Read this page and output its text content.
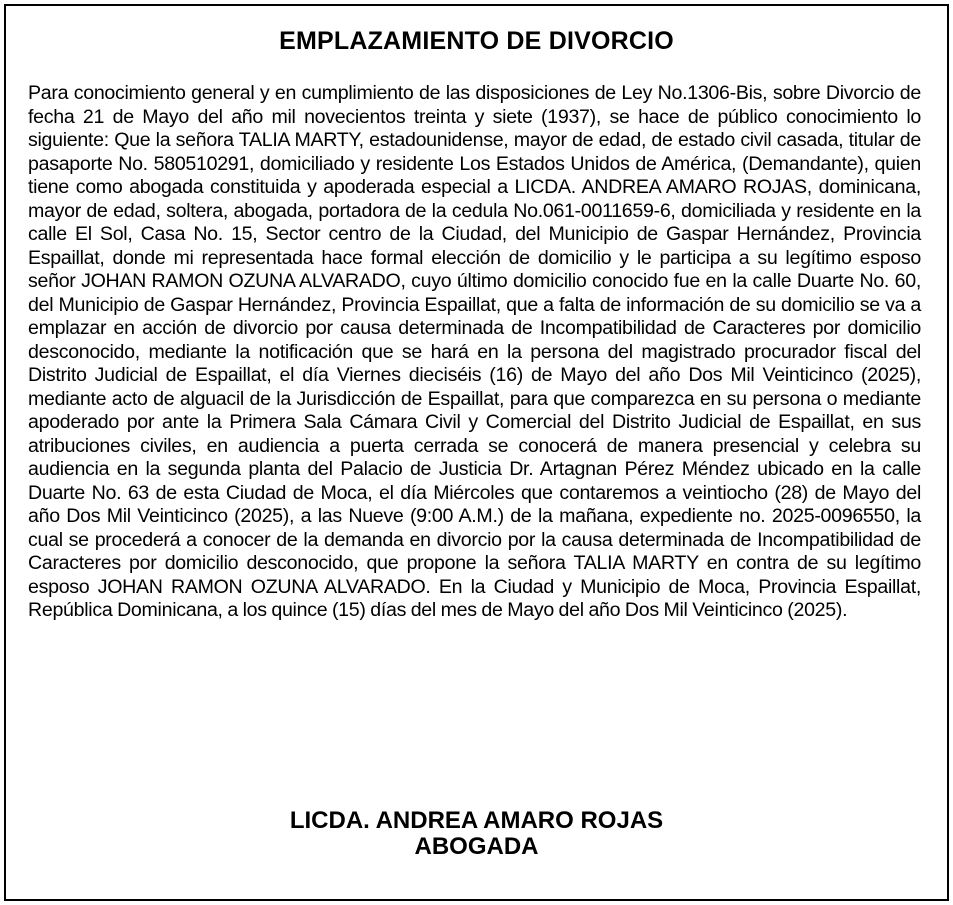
EMPLAZAMIENTO DE DIVORCIO

Para conocimiento general y en cumplimiento de las disposiciones de Ley No.1306-Bis, sobre Divorcio de fecha 21 de Mayo del año mil novecientos treinta y siete (1937), se hace de público conocimiento lo siguiente: Que la señora TALIA MARTY, estadounidense, mayor de edad, de estado civil casada, titular de pasaporte No. 580510291, domiciliado y residente Los Estados Unidos de América, (Demandante), quien tiene como abogada constituida y apoderada especial a LICDA. ANDREA AMARO ROJAS, dominicana, mayor de edad, soltera, abogada, portadora de la cedula No.061-0011659-6, domiciliada y residente en la calle El Sol, Casa No. 15, Sector centro de la Ciudad, del Municipio de Gaspar Hernández, Provincia Espaillat, donde mi representada hace formal elección de domicilio y le participa a su legítimo esposo señor JOHAN RAMON OZUNA ALVARADO, cuyo último domicilio conocido fue en la calle Duarte No. 60, del Municipio de Gaspar Hernández, Provincia Espaillat, que a falta de información de su domicilio se va a emplazar en acción de divorcio por causa determinada de Incompatibilidad de Caracteres por domicilio desconocido, mediante la notificación que se hará en la persona del magistrado procurador fiscal del Distrito Judicial de Espaillat, el día Viernes dieciséis (16) de Mayo del año Dos Mil Veinticinco (2025), mediante acto de alguacil de la Jurisdicción de Espaillat, para que comparezca en su persona o mediante apoderado por ante la Primera Sala Cámara Civil y Comercial del Distrito Judicial de Espaillat, en sus atribuciones civiles, en audiencia a puerta cerrada se conocerá de manera presencial y celebra su audiencia en la segunda planta del Palacio de Justicia Dr. Artagnan Pérez Méndez ubicado en la calle Duarte No. 63 de esta Ciudad de Moca, el día Miércoles que contaremos a veintiocho (28) de Mayo del año Dos Mil Veinticinco (2025), a las Nueve (9:00 A.M.) de la mañana, expediente no. 2025-0096550, la cual se procederá a conocer de la demanda en divorcio por la causa determinada de Incompatibilidad de Caracteres por domicilio desconocido, que propone la señora TALIA MARTY en contra de su legítimo esposo JOHAN RAMON OZUNA ALVARADO. En la Ciudad y Municipio de Moca, Provincia Espaillat, República Dominicana, a los quince (15) días del mes de Mayo del año Dos Mil Veinticinco (2025).

LICDA. ANDREA AMARO ROJAS
ABOGADA
